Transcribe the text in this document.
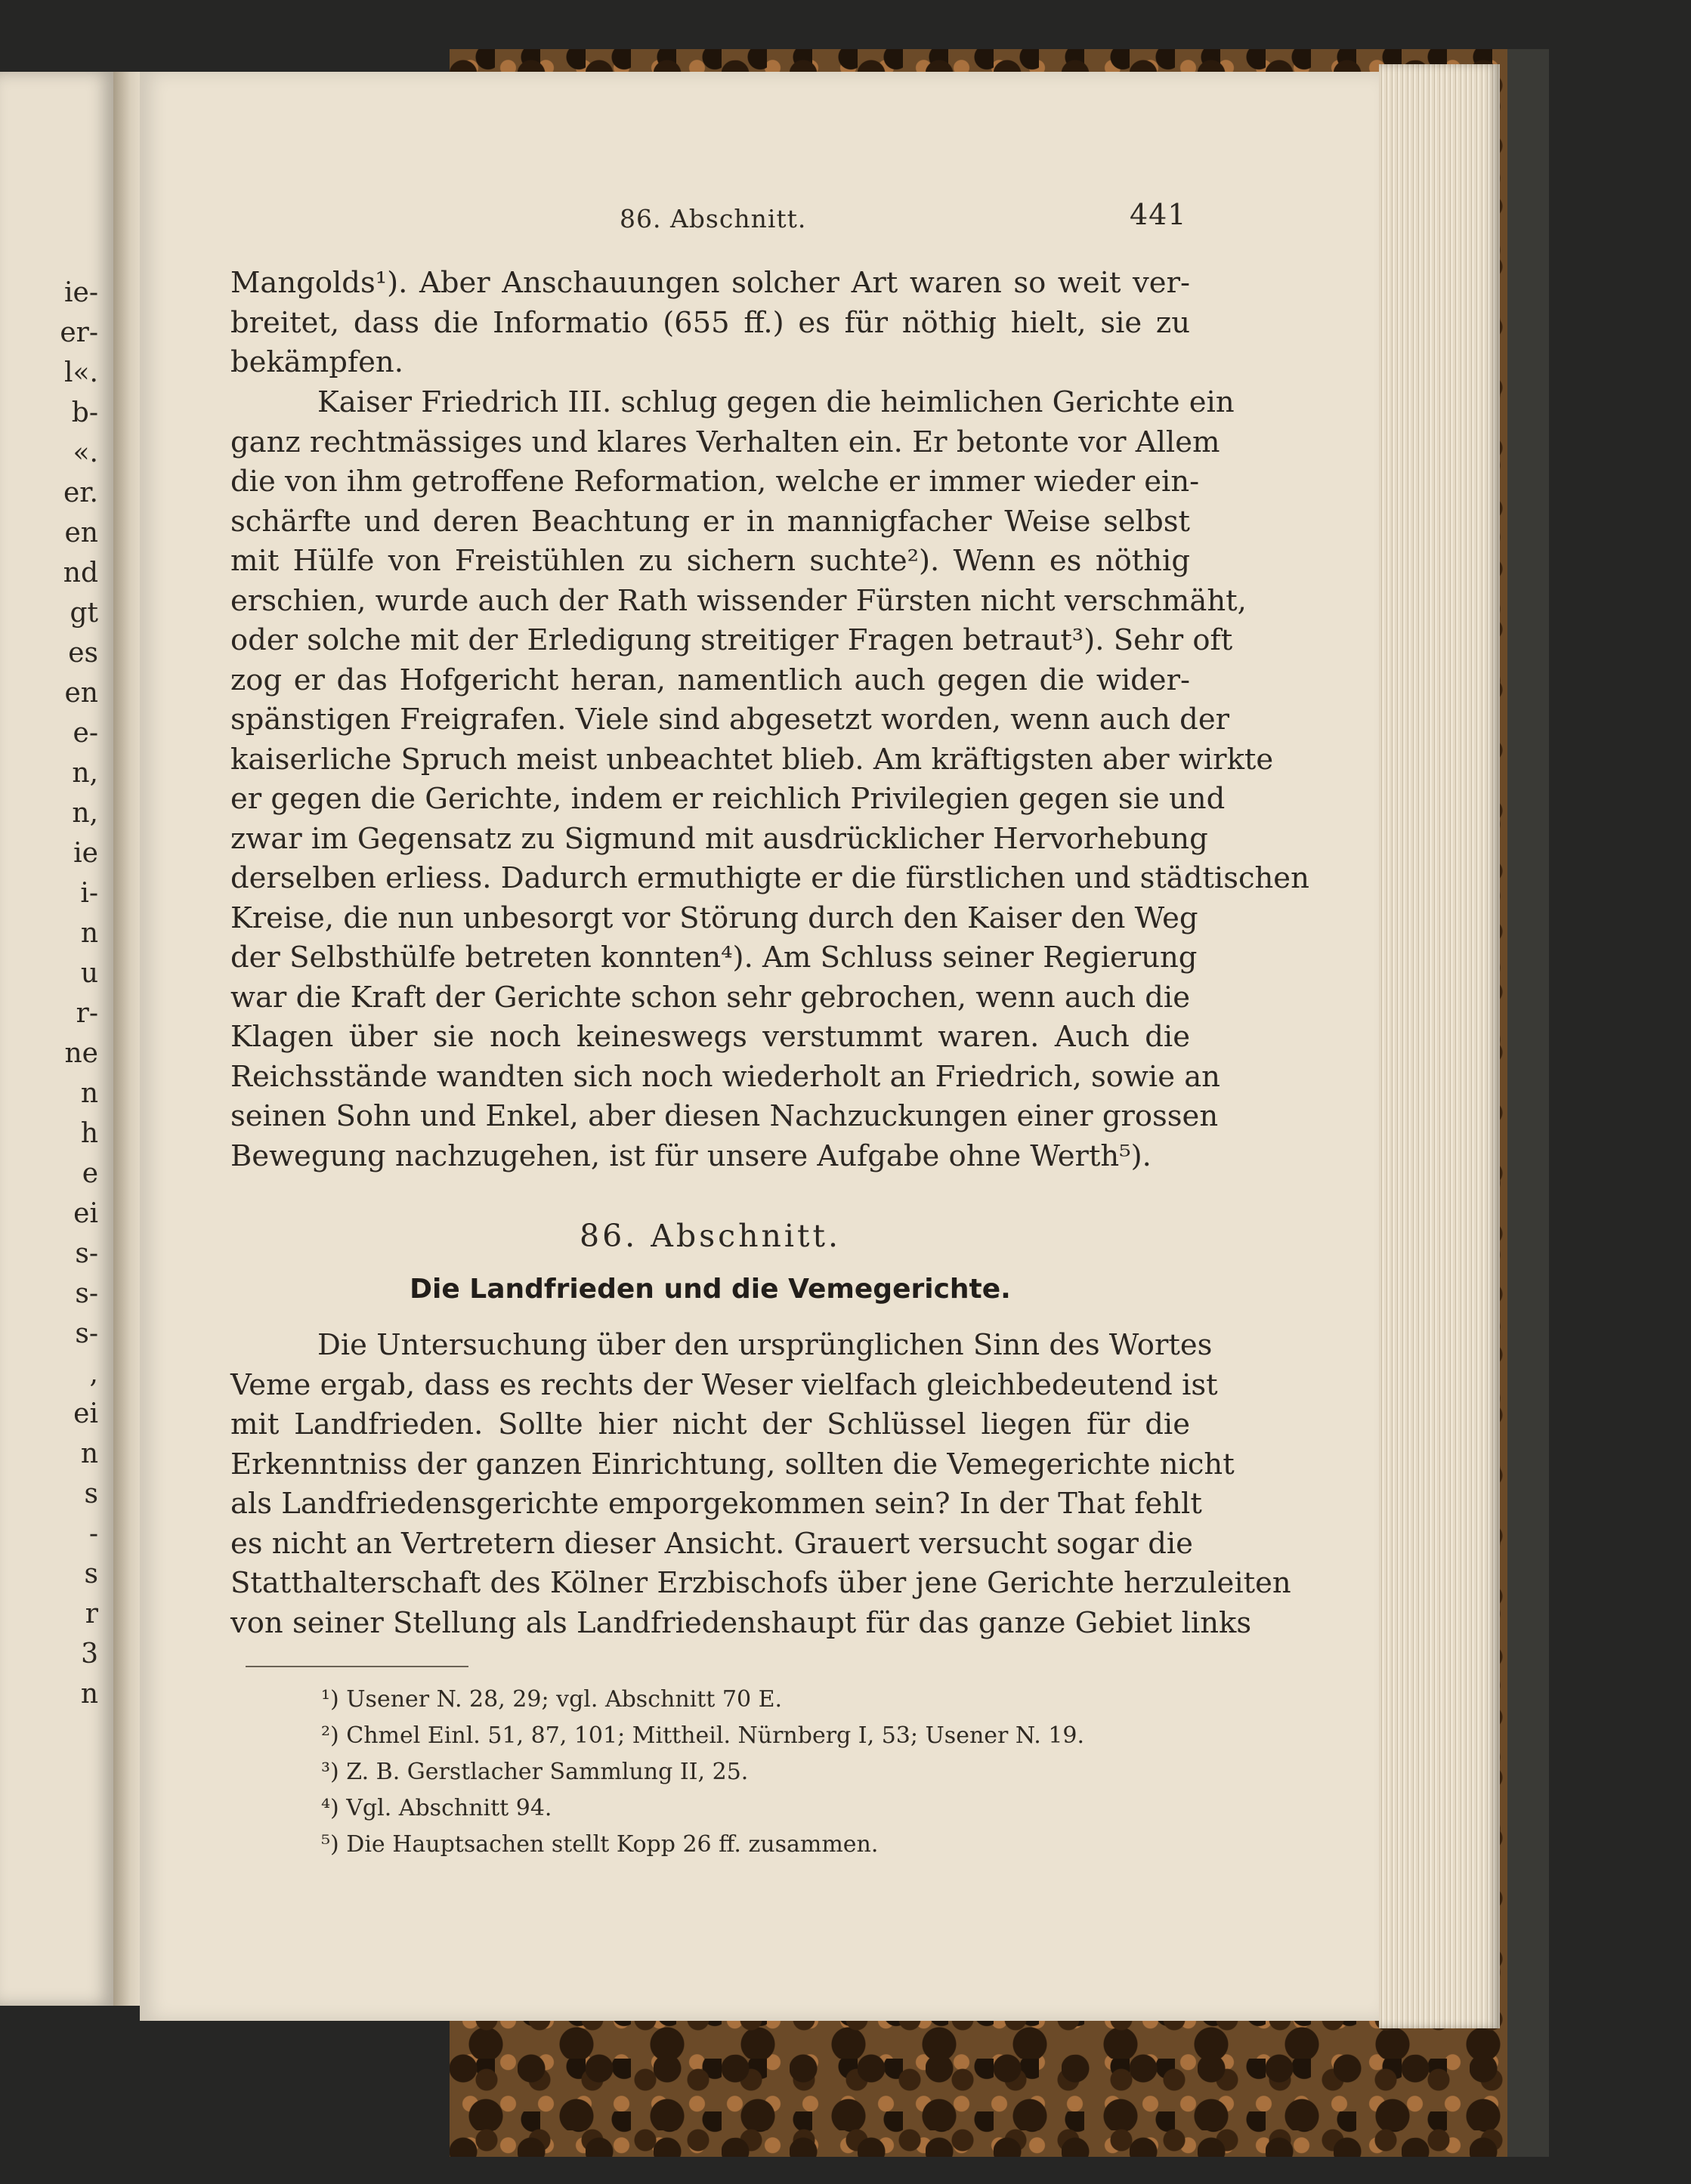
ie-
er-
l«.
b-
«.
er.
en
nd
gt
es
en
e-
n,
n,
ie
i-
n
u
r-
ne
n
h
e
ei
s-
s-
s-
,
ei
n
s
-
s
r
3
n
86. Abschnitt.	441
Mangolds¹). Aber Anschauungen solcher Art waren so weit ver-
breitet, dass die Informatio (655 ff.) es für nöthig hielt, sie zu
bekämpfen.
Kaiser Friedrich III. schlug gegen die heimlichen Gerichte ein
ganz rechtmässiges und klares Verhalten ein. Er betonte vor Allem
die von ihm getroffene Reformation, welche er immer wieder ein-
schärfte und deren Beachtung er in mannigfacher Weise selbst
mit Hülfe von Freistühlen zu sichern suchte²). Wenn es nöthig
erschien, wurde auch der Rath wissender Fürsten nicht verschmäht,
oder solche mit der Erledigung streitiger Fragen betraut³). Sehr oft
zog er das Hofgericht heran, namentlich auch gegen die wider-
spänstigen Freigrafen. Viele sind abgesetzt worden, wenn auch der
kaiserliche Spruch meist unbeachtet blieb. Am kräftigsten aber wirkte
er gegen die Gerichte, indem er reichlich Privilegien gegen sie und
zwar im Gegensatz zu Sigmund mit ausdrücklicher Hervorhebung
derselben erliess. Dadurch ermuthigte er die fürstlichen und städtischen
Kreise, die nun unbesorgt vor Störung durch den Kaiser den Weg
der Selbsthülfe betreten konnten⁴). Am Schluss seiner Regierung
war die Kraft der Gerichte schon sehr gebrochen, wenn auch die
Klagen über sie noch keineswegs verstummt waren. Auch die
Reichsstände wandten sich noch wiederholt an Friedrich, sowie an
seinen Sohn und Enkel, aber diesen Nachzuckungen einer grossen
Bewegung nachzugehen, ist für unsere Aufgabe ohne Werth⁵).
Die Untersuchung über den ursprünglichen Sinn des Wortes
Veme ergab, dass es rechts der Weser vielfach gleichbedeutend ist
mit Landfrieden. Sollte hier nicht der Schlüssel liegen für die
Erkenntniss der ganzen Einrichtung, sollten die Vemegerichte nicht
als Landfriedensgerichte emporgekommen sein? In der That fehlt
es nicht an Vertretern dieser Ansicht. Grauert versucht sogar die
Statthalterschaft des Kölner Erzbischofs über jene Gerichte herzuleiten
von seiner Stellung als Landfriedenshaupt für das ganze Gebiet links
86. Abschnitt.
Die Landfrieden und die Vemegerichte.
¹) Usener N. 28, 29; vgl. Abschnitt 70 E.
²) Chmel Einl. 51, 87, 101; Mittheil. Nürnberg I, 53; Usener N. 19.
³) Z. B. Gerstlacher Sammlung II, 25.
⁴) Vgl. Abschnitt 94.
⁵) Die Hauptsachen stellt Kopp 26 ff. zusammen.
